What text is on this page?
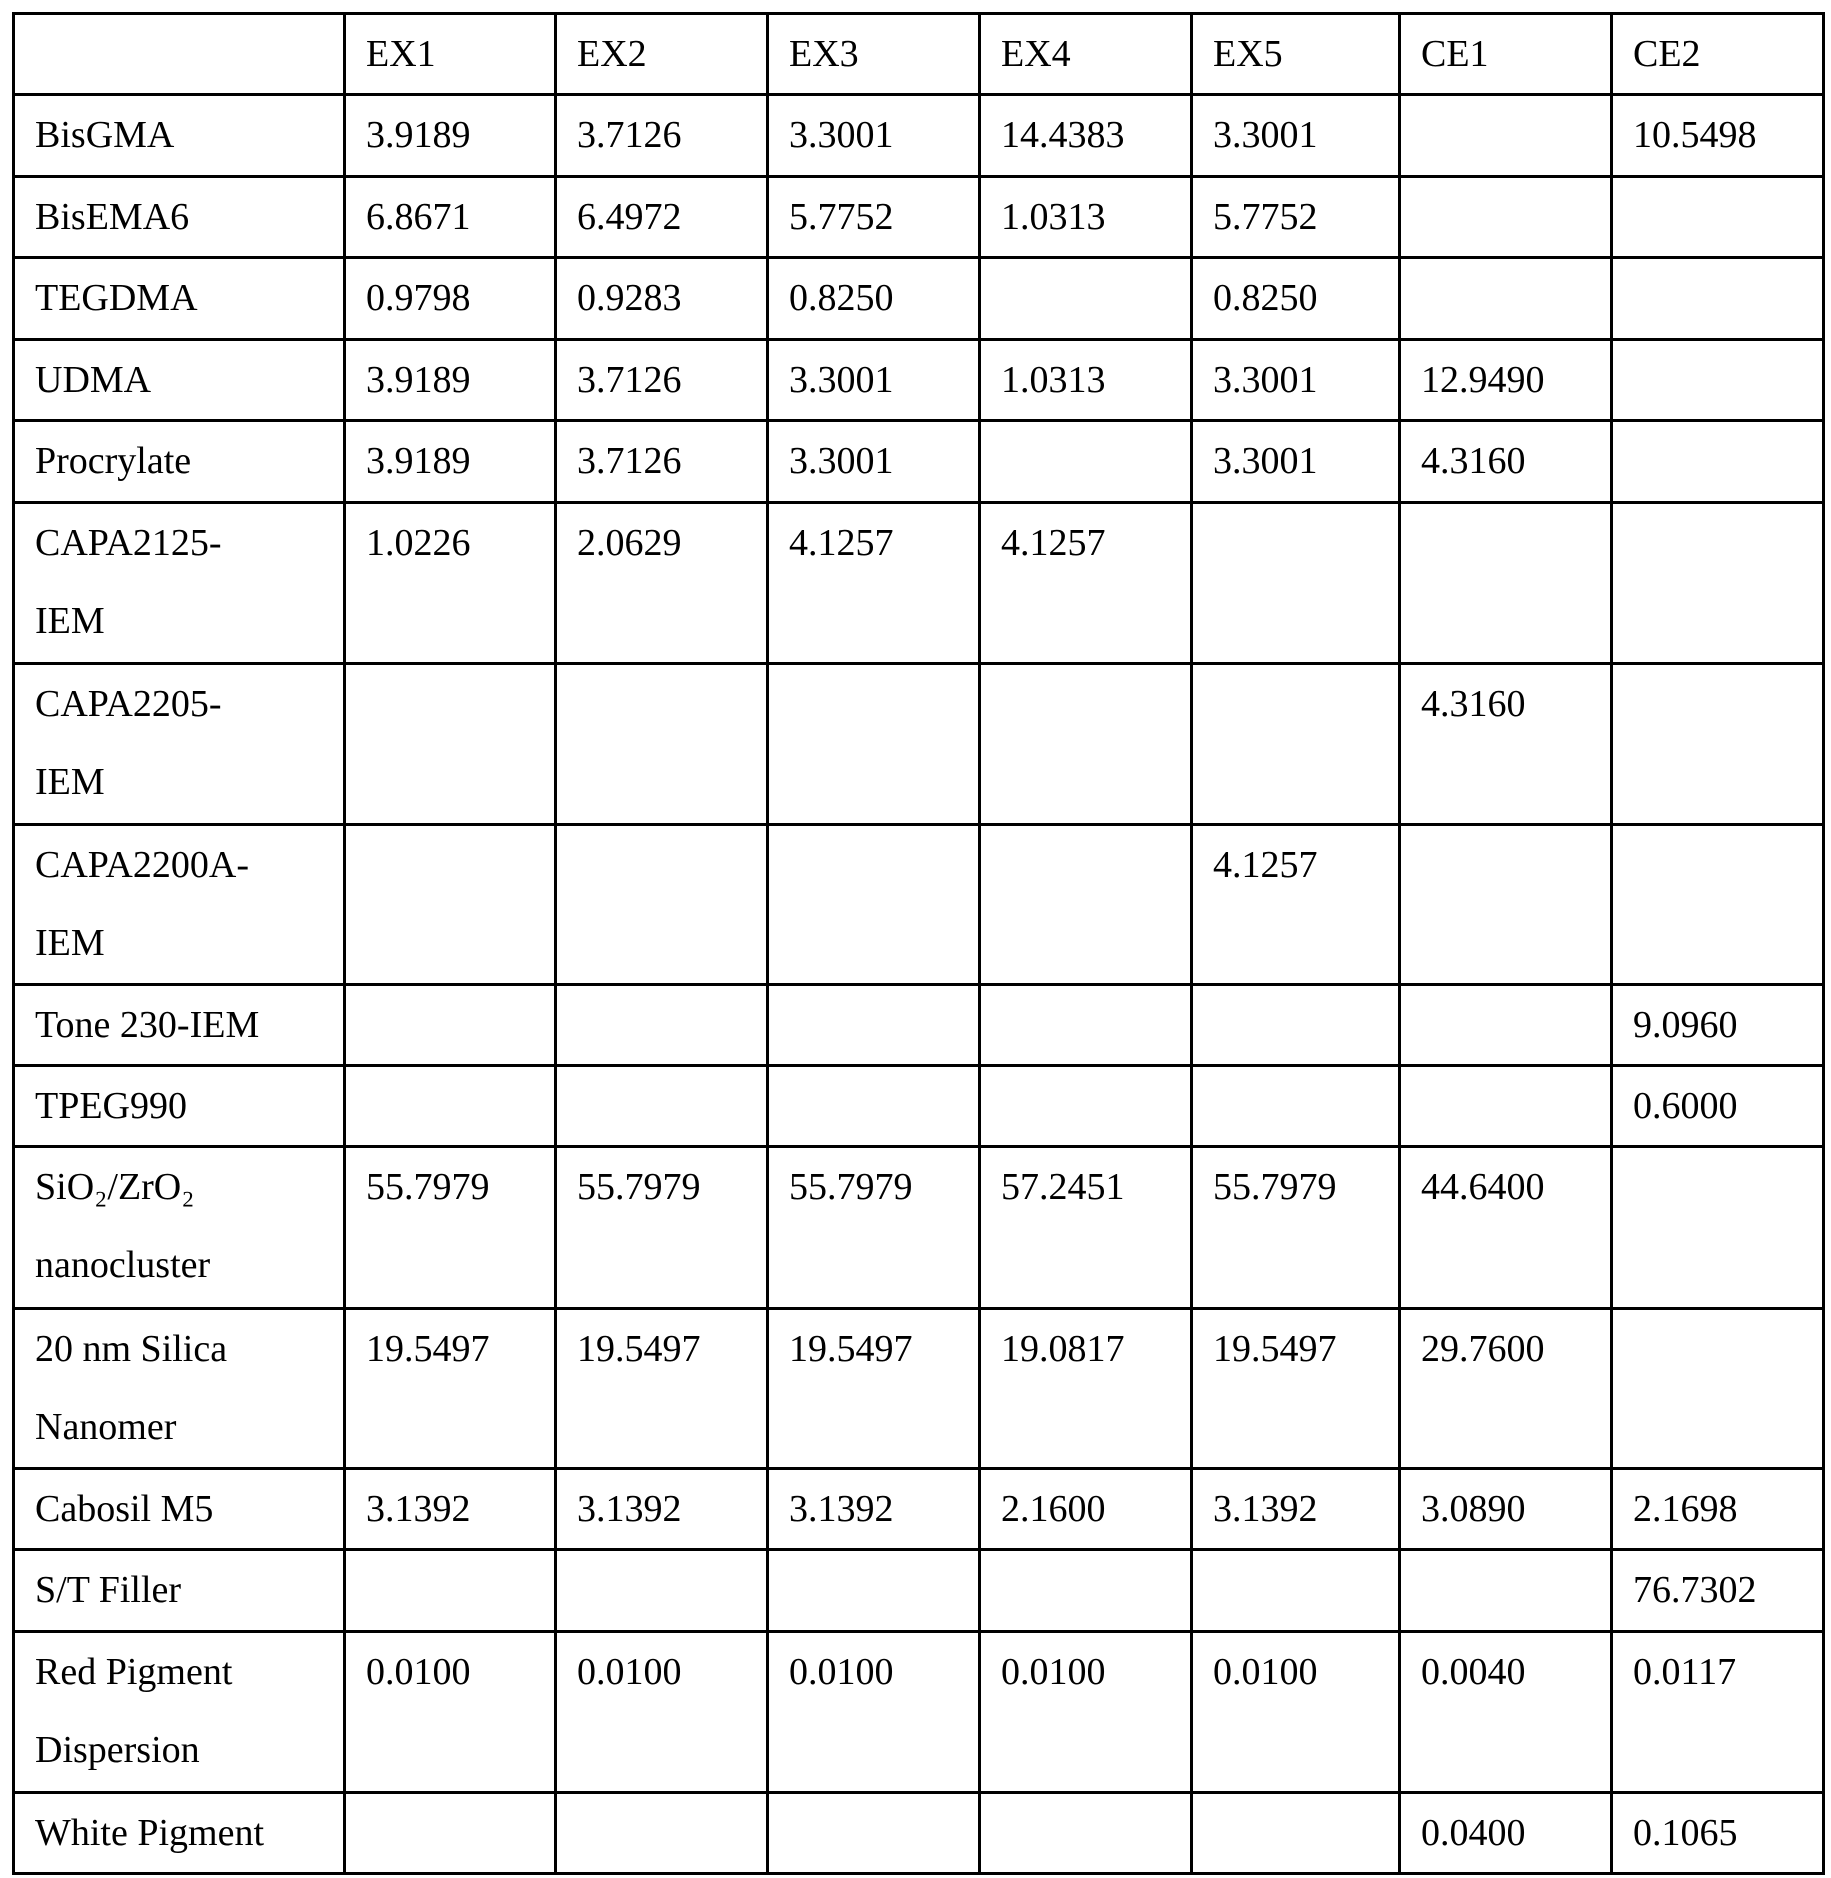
	EX1	EX2	EX3	EX4	EX5	CE1	CE2

BisGMA	3.9189	3.7126	3.3001	14.4383	3.3001		10.5498

BisEMA6	6.8671	6.4972	5.7752	1.0313	5.7752		

TEGDMA	0.9798	0.9283	0.8250		0.8250		

UDMA	3.9189	3.7126	3.3001	1.0313	3.3001	12.9490	

Procrylate	3.9189	3.7126	3.3001		3.3001	4.3160	

CAPA2125-
IEM
	1.0226	2.0629	4.1257	4.1257			

CAPA2205-
IEM
						4.3160	

CAPA2200A-
IEM
					4.1257		

Tone 230-IEM							9.0960

TPEG990							0.6000

SiO₂/ZrO₂
nanocluster
	55.7979	55.7979	55.7979	57.2451	55.7979	44.6400	

20 nm Silica
Nanomer
	19.5497	19.5497	19.5497	19.0817	19.5497	29.7600	

Cabosil M5	3.1392	3.1392	3.1392	2.1600	3.1392	3.0890	2.1698

S/T Filler							76.7302

Red Pigment
Dispersion
	0.0100	0.0100	0.0100	0.0100	0.0100	0.0040	0.0117

White Pigment						0.0400	0.1065
